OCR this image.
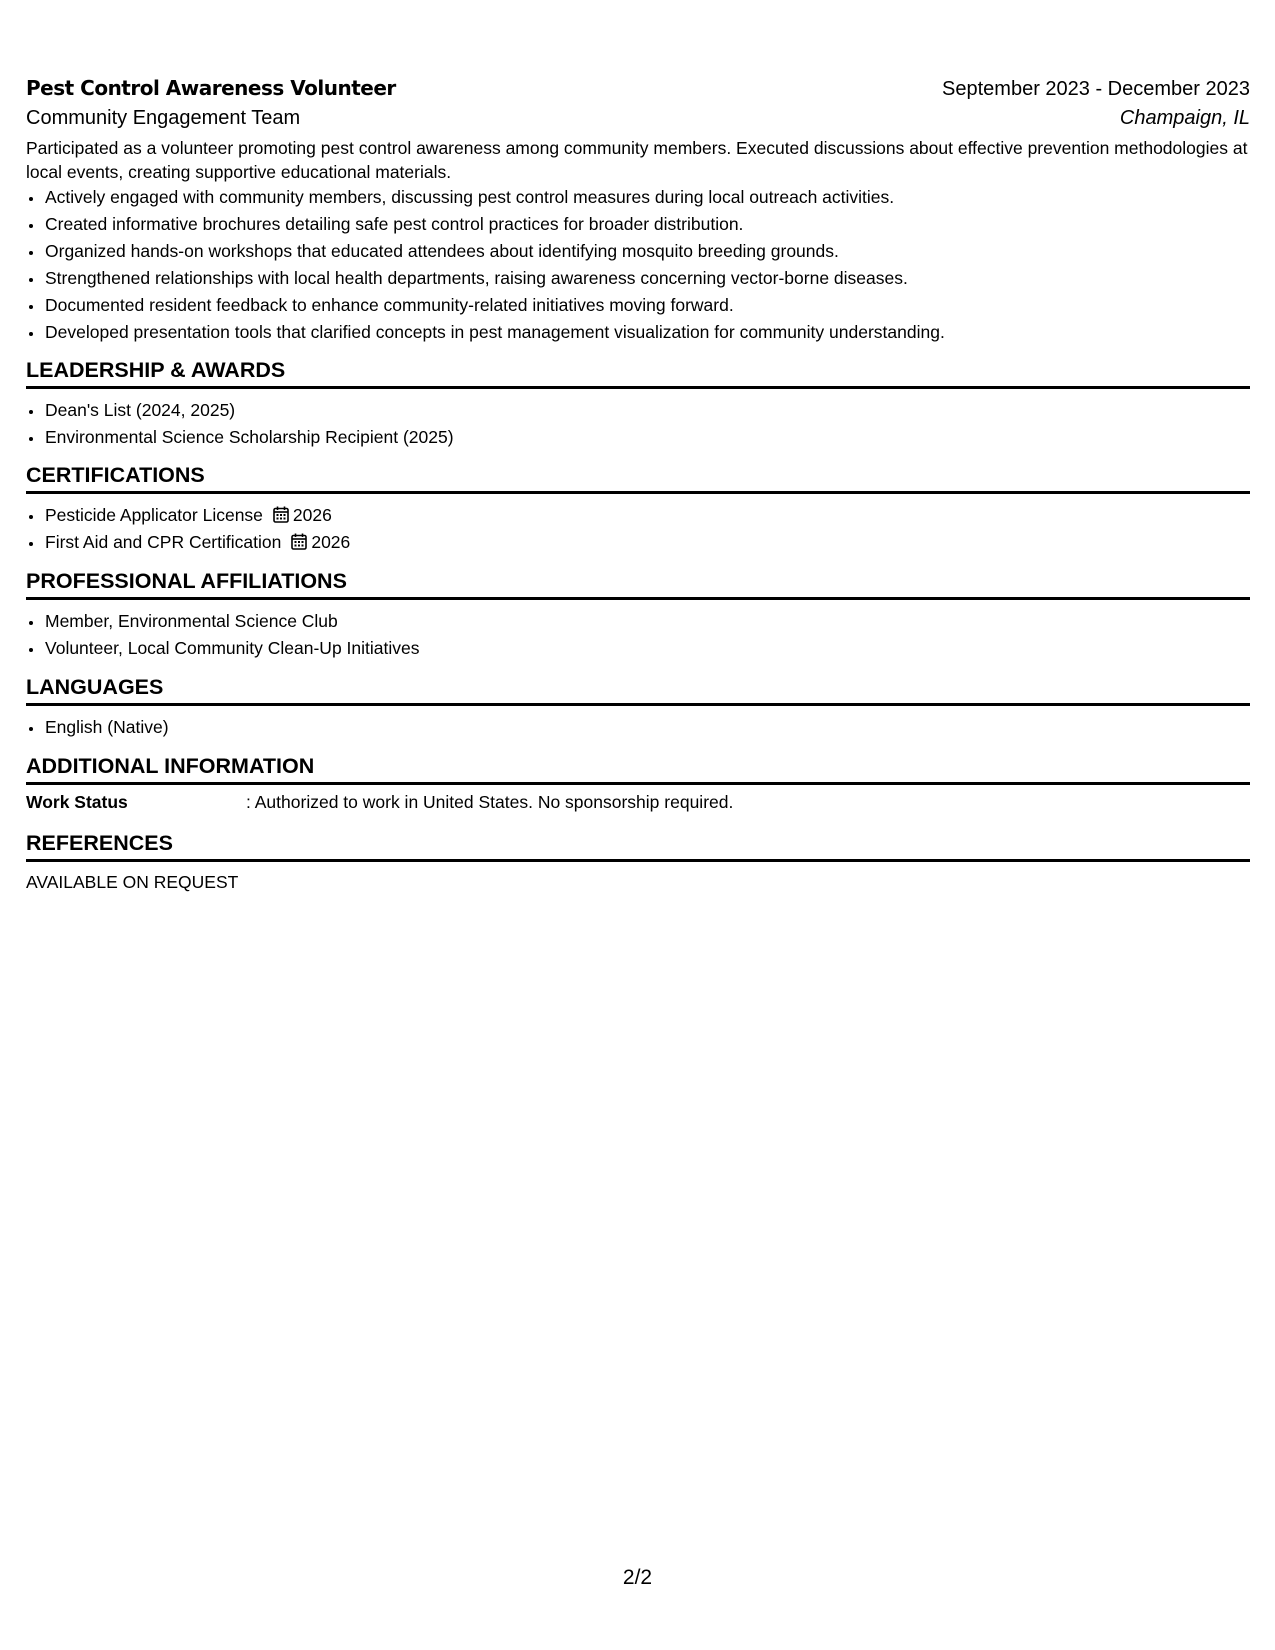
Pest Control Awareness Volunteer	September 2023 - December 2023
Community Engagement Team	Champaign, IL
Participated as a volunteer promoting pest control awareness among community members. Executed discussions about effective prevention methodologies at local events, creating supportive educational materials.
• Actively engaged with community members, discussing pest control measures during local outreach activities.
• Created informative brochures detailing safe pest control practices for broader distribution.
• Organized hands-on workshops that educated attendees about identifying mosquito breeding grounds.
• Strengthened relationships with local health departments, raising awareness concerning vector-borne diseases.
• Documented resident feedback to enhance community-related initiatives moving forward.
• Developed presentation tools that clarified concepts in pest management visualization for community understanding.
LEADERSHIP & AWARDS
• Dean's List (2024, 2025)
• Environmental Science Scholarship Recipient (2025)
CERTIFICATIONS
• Pesticide Applicator License 2026
• First Aid and CPR Certification 2026
PROFESSIONAL AFFILIATIONS
• Member, Environmental Science Club
• Volunteer, Local Community Clean-Up Initiatives
LANGUAGES
• English (Native)
ADDITIONAL INFORMATION
Work Status	: Authorized to work in United States. No sponsorship required.
REFERENCES
AVAILABLE ON REQUEST
2/2
